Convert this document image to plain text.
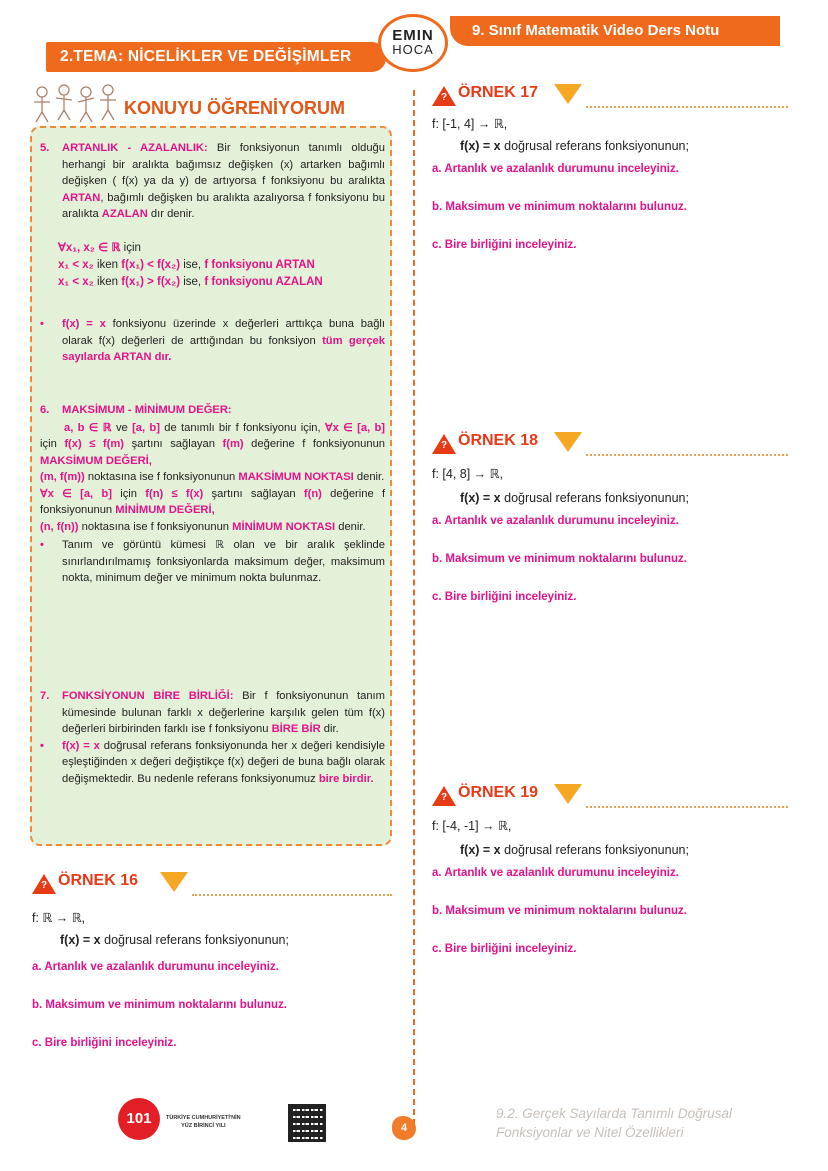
2.TEMA: NİCELİKLER VE DEĞİŞİMLER
9. Sınıf Matematik Video Ders Notu
EMIN
HOCA
KONUYU ÖĞRENİYORUM
5.	ARTANLIK - AZALANLIK: Bir fonksiyonun tanımlı olduğu herhangi bir aralıkta bağımsız değişken (x) artarken bağımlı değişken ( f(x) ya da y) de artıyorsa f fonksiyonu bu aralıkta ARTAN, bağımlı değişken bu aralıkta azalıyorsa f fonksiyonu bu aralıkta AZALAN dır denir.
∀x₁, x₂ ∈ ℝ için
x₁ < x₂ iken f(x₁) < f(x₂) ise, f fonksiyonu ARTAN
x₁ < x₂ iken f(x₁) > f(x₂) ise, f fonksiyonu AZALAN
•	f(x) = x fonksiyonu üzerinde x değerleri arttıkça buna bağlı olarak f(x) değerleri de arttığından bu fonksiyon tüm gerçek sayılarda ARTAN dır.
6.	MAKSİMUM - MİNİMUM DEĞER:
a, b ∈ ℝ ve [a, b] de tanımlı bir f fonksiyonu için, ∀x ∈ [a, b] için f(x) ≤ f(m) şartını sağlayan f(m) değerine f fonksiyonunun MAKSİMUM DEĞERİ,
(m, f(m)) noktasına ise f fonksiyonunun MAKSİMUM NOKTASI denir.
∀x ∈ [a, b] için f(n) ≤ f(x) şartını sağlayan f(n) değerine f fonksiyonunun MİNİMUM DEĞERİ,
(n, f(n)) noktasına ise f fonksiyonunun MİNİMUM NOKTASI denir.
•	Tanım ve görüntü kümesi ℝ olan ve bir aralık şeklinde sınırlandırılmamış fonksiyonlarda maksimum değer, maksimum nokta, minimum değer ve minimum nokta bulunmaz.
7.	FONKSİYONUN BİRE BİRLİĞİ: Bir f fonksiyonunun tanım kümesinde bulunan farklı x değerlerine karşılık gelen tüm f(x) değerleri birbirinden farklı ise f fonksiyonu BİRE BİR dir.
•	f(x) = x doğrusal referans fonksiyonunda her x değeri kendisiyle eşleştiğinden x değeri değiştikçe f(x) değeri de buna bağlı olarak değişmektedir. Bu nedenle referans fonksiyonumuz bire birdir.
? ÖRNEK 16
f: ℝ → ℝ,
f(x) = x doğrusal referans fonksiyonunun;
a. Artanlık ve azalanlık durumunu inceleyiniz.
b. Maksimum ve minimum noktalarını bulunuz.
c. Bire birliğini inceleyiniz.
? ÖRNEK 17
f: [-1, 4] → ℝ,
f(x) = x doğrusal referans fonksiyonunun;
a. Artanlık ve azalanlık durumunu inceleyiniz.
b. Maksimum ve minimum noktalarını bulunuz.
c. Bire birliğini inceleyiniz.
? ÖRNEK 18
f: [4, 8] → ℝ,
f(x) = x doğrusal referans fonksiyonunun;
a. Artanlık ve azalanlık durumunu inceleyiniz.
b. Maksimum ve minimum noktalarını bulunuz.
c. Bire birliğini inceleyiniz.
? ÖRNEK 19
f: [-4, -1] → ℝ,
f(x) = x doğrusal referans fonksiyonunun;
a. Artanlık ve azalanlık durumunu inceleyiniz.
b. Maksimum ve minimum noktalarını bulunuz.
c. Bire birliğini inceleyiniz.
101	TÜRKİYE CUMHURİYETİ'NİN
YÜZ BİRİNCİ YILI	4
9.2. Gerçek Sayılarda Tanımlı Doğrusal
Fonksiyonlar ve Nitel Özellikleri
